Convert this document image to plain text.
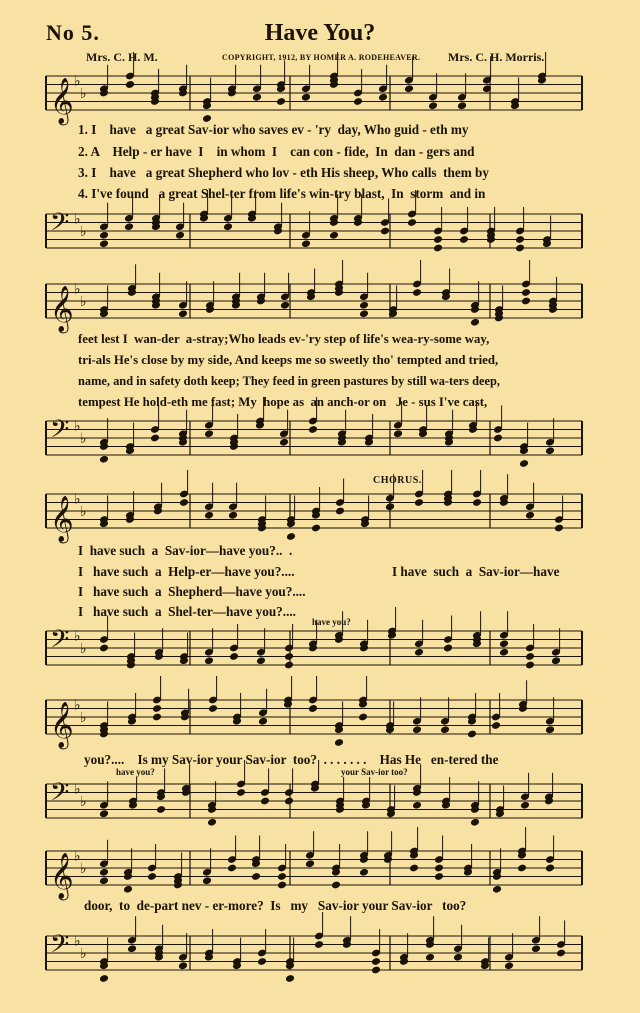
No 5.	Have You?
Mrs. C. H. M.	COPYRIGHT, 1912, BY HOMER A. RODEHEAVER. Mrs. C. H. Morris.
𝄞 ♭
♭
𝄢 ♭
♭
𝄞 ♭
♭
𝄢 ♭
♭
𝄞 ♭
♭
𝄢 ♭
♭
𝄞 ♭
♭
𝄢 ♭
♭
𝄞 ♭
♭
𝄢 ♭
♭
1. I    have   a great Sav-ior who saves ev - 'ry  day, Who guid - eth my
2. A    Help - er have  I    in whom  I    can con - fide,  In  dan - gers and
3. I    have   a great Shepherd who lov - eth His sheep, Who calls  them by
4. I've found   a great Shel-ter from life's win-try blast,  In  storm  and in
feet lest I  wan-der  a-stray;Who leads ev-'ry step of life's wea-ry-some way,
tri-als He's close by my side, And keeps me so sweetly tho' tempted and tried,
name, and in safety doth keep; They feed in green pastures by still wa-ters deep,
tempest He hold-eth me fast; My  hope as  an anch-or on   Je - sus I've cast,
CHORUS.
I  have such  a  Sav-ior—have you?..  .
I   have such  a  Help-er—have you?....
I   have such  a  Shepherd—have you?....
I   have such  a  Shel-ter—have you?....
I have  such  a  Sav-ior—have
have you?
you?....    Is my Sav-ior your Sav-ior  too?  . . . . . . .    Has He   en-tered the
have you?	your Sav-ior too?
door,  to  de-part nev - er-more?  Is   my   Sav-ior your Sav-ior   too?
